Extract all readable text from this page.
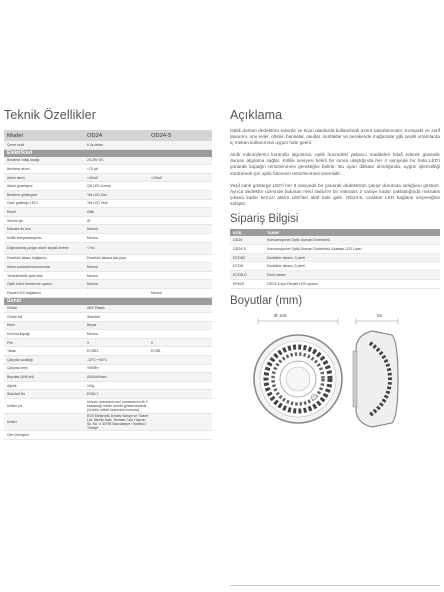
Teknik Özellikler
Model	OD24	OD24-5
Çevre sınıfı	6 üç ortam
Elektriksel
Besleme voltaj aralığı	20-29V DC
Bekleme akımı	<70 µA
Alarm akımı	<40mA	<23mA
Alarm göstergesi	Çift LED Kırmızı
Bekleme göstergesi	Tek LED Sarı
Canlı gösterge LED'i	Tek LED Yeşil
Reset	Kilitli
Sensör tipi	IR
Mıknatıs ile test	Mevcut
Kirlilik kompanzasyonu	Mevcut
Doğrulanmış yangın alarm sinyali üretme	<7sn.
Dedektör tabanı bağlantısı	Dedektör tabana tak-çıkar
Alarm sonlandırma koruması	Mevcut
Temizlenebilir optik blok	Mevcut
Optik hücre temizleme uyarısı	Mevcut
Paralel LED bağlantısı	-	Mevcut
Genel
Gövde	ABS Plastik
Gövde tipi	Standart
Renk	Beyaz
Koruma kapağı	Mevcut
Pim	3	5
Taban	ECDB3	ECDB
Çalışma sıcaklığı	-10°C~+50°C
Çalışma nemi	%90RH
Boyutlar (WxDxH)	Ø100x50mm
Ağırlık	110g
Standart No	EN54-7
Üretim yılı
Ürünün üzerindeki seri numarasının ilk 2 basamağı üretim tarihini göstermektedir. (Ürünün etiketi üzerindeki numara)
Üretici
EDS Elektronik Destek Sanayi ve Ticaret Ltd. Mecilis Mah. Temalar Cad. Hayran Sk. No: 4 34795 Sancaktepe / İstanbul / Türkiye
Geri Dönüşüm
Açıklama

Optik duman dedektörü evlerde ve ticari alanlarda kullanılmak üzere tasarlanmıştır. Kompakt ve zarif tasarımı, onu evler, ofisler, bankalar, okullar, mutfaklar ve perakende mağazalar gibi çeşitli ortamlarda iç mekan kullanımına uygun hale getirir.

Akıllı mikroişlemci kontrollü algoritma, optik hücredeki yabancı maddeleri telafi ederek güvenilir duman algılama sağlar. Kirlilik seviyesi belirli bir sınıra ulaştığında her 4 saniyede bir hata LED'i yanarak kapağın temizlenmesi gerektiğini belirtir. Bu uyarı dikkate alındığında, uygun işlevselliği sürdürmek için optik hücrenin temizlenmesi önemlidir.

Yeşil canlı gösterge LED'i her 8 saniyede bir yanarak dedektörün çalışır durumda olduğunu gösterir. Ayrıca dedektör üzerinde bulunan reed switch'e bir mıknatıs 2 saniye kadar yaklaştığında mıknatıs çıkana kadar kırmızı alarm LED'leri aktif hale gelir. OD24-5, uzaktan LED bağlantı seçeneğine sahiptir.

Sipariş Bilgisi
KOD	TANIM
OD24	Konvansiyonel Optik Duman Dedektörü
OD24-5	Konvansiyonel Optik Duman Dedektörü Uzaktan LED Uyarı
ECDB3	Dedektör tabanı, 3 pimli
ECDB	Dedektör tabanı, 5 pimli
ECDB-D	Derin taban
EPA25	OD24-5 için Paralel LED uyarısı
Boyutlar (mm)
Ø 105	50
